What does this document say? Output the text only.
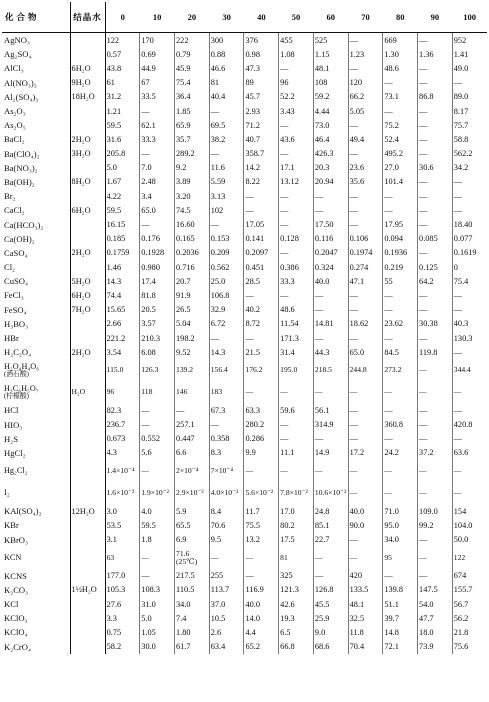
化合物	结晶水	0	10	20	30	40	50	60	70	80	90	100
AgNO₃		122	170	222	300	376	455	525	—	669	—	952
Ag₂SO₄		0.57	0.69	0.79	0.88	0.98	1.08	1.15	1.23	1.30	1.36	1.41
AlCl₃	6H₂O	43.8	44.9	45.9	46.6	47.3	—	48.1	—	48.6	—	49.0
Al(NO₃)₃	9H₂O	61	67	75.4	81	89	96	108	120	—	—	—
Al₂(SO₄)₃	18H₂O	31.2	33.5	36.4	40.4	45.7	52.2	59.2	66.2	73.1	86.8	89.0
As₂O₃		1.21	—	1.85	—	2.93	3.43	4.44	5.05	—	—	8.17
As₂O₅		59.5	62.1	65.9	69.5	71.2	—	73.0	—	75.2	—	75.7
BaCl₂	2H₂O	31.6	33.3	35.7	38.2	40.7	43.6	46.4	49.4	52.4	—	58.8
Ba(ClO₄)₂	3H₂O	205.8	—	289.2	—	358.7	—	426.3	—	495.2	—	562.2
Ba(NO₃)₂		5.0	7.0	9.2	11.6	14.2	17.1	20.3	23.6	27.0	30.6	34.2
Ba(OH)₂	8H₂O	1.67	2.48	3.89	5.59	8.22	13.12	20.94	35.6	101.4	—	—
Br₂		4.22	3.4	3.20	3.13	—	—	—	—	—	—	—
CaCl₂	6H₂O	59.5	65.0	74.5	102	—	—	—	—	—	—	—
Ca(HCO₃)₂		16.15	—	16.60	—	17.05	—	17.50	—	17.95	—	18.40
Ca(OH)₂		0.185	0.176	0.165	0.153	0.141	0.128	0.116	0.106	0.094	0.085	0.077
CaSO₄	2H₂O	0.1759	0.1928	0.2036	0.209	0.2097	—	0.2047	0.1974	0.1936	—	0.1619
Cl₂		1.46	0.980	0.716	0.562	0.451	0.386	0.324	0.274	0.219	0.125	0
CuSO₄	5H₂O	14.3	17.4	20.7	25.0	28.5	33.3	40.0	47.1	55	64.2	75.4
FeCl₃	6H₂O	74.4	81.8	91.9	106.8	—	—	—	—	—	—	—
FeSO₄	7H₂O	15.65	20.5	26.5	32.9	40.2	48.6	—	—	—	—	—
H₃BO₃		2.66	3.57	5.04	6.72	8.72	11.54	14.81	18.62	23.62	30.38	40.3
HBr		221.2	210.3	198.2	—	—	171.3	—	—	—	—	130.3
H₂C₂O₄	2H₂O	3.54	6.08	9.52	14.3	21.5	31.4	44.3	65.0	84.5	119.8	—
H₂O₄H₄O₆
(酒石酸)		115.0	126.3	139.2	156.4	176.2	195.0	218.5	244.8	273.2	—	344.4
H₃C₆H₅O₇
(柠檬酸)	H₂O	96	118	146	183	—	—	—	—	—	—	—
HCl		82.3	—	—	67.3	63.3	59.6	56.1	—	—	—	—
HIO₃		236.7	—	257.1	—	280.2	—	314.9	—	360.8	—	420.8
H₂S		0.673	0.552	0.447	0.358	0.286	—	—	—	—	—	—
HgCl₂		4.3	5.6	6.6	8.3	9.9	11.1	14.9	17.2	24.2	37.2	63.6
Hg₂Cl₂		1.4×10⁻⁴	—	2×10⁻⁴	7×10⁻⁴	—	—	—	—	—	—	—
I₂		1.6×10⁻²	1.9×10⁻²	2.9×10⁻²	4.0×10⁻²	5.6×10⁻²	7.8×10⁻²	10.6×10⁻²	—	—	—	—
KAl(SO₄)₂	12H₂O	3.0	4.0	5.9	8.4	11.7	17.0	24.8	40.0	71.0	109.0	154
KBr		53.5	59.5	65.5	70.6	75.5	80.2	85.1	90.0	95.0	99.2	104.0
KBrO₃		3.1	1.8	6.9	9.5	13.2	17.5	22.7	—	34.0	—	50.0
KCN		63	—	71.6 (25℃)	—	—	81	—	—	95	—	122
KCNS		177.0	—	217.5	255	—	325	—	420	—	—	674
K₂CO₃	1½H₂O	105.3	108.3	110.5	113.7	116.9	121.3	126.8	133.5	139.8	147.5	155.7
KCl		27.6	31.0	34.0	37.0	40.0	42.6	45.5	48.1	51.1	54.0	56.7
KClO₃		3.3	5.0	7.4	10.5	14.0	19.3	25.9	32.5	39.7	47.7	56.2
KClO₄		0.75	1.05	1.80	2.6	4.4	6.5	9.0	11.8	14.8	18.0	21.8
K₂CrO₄		58.2	30.0	61.7	63.4	65.2	66.8	68.6	70.4	72.1	73.9	75.6
